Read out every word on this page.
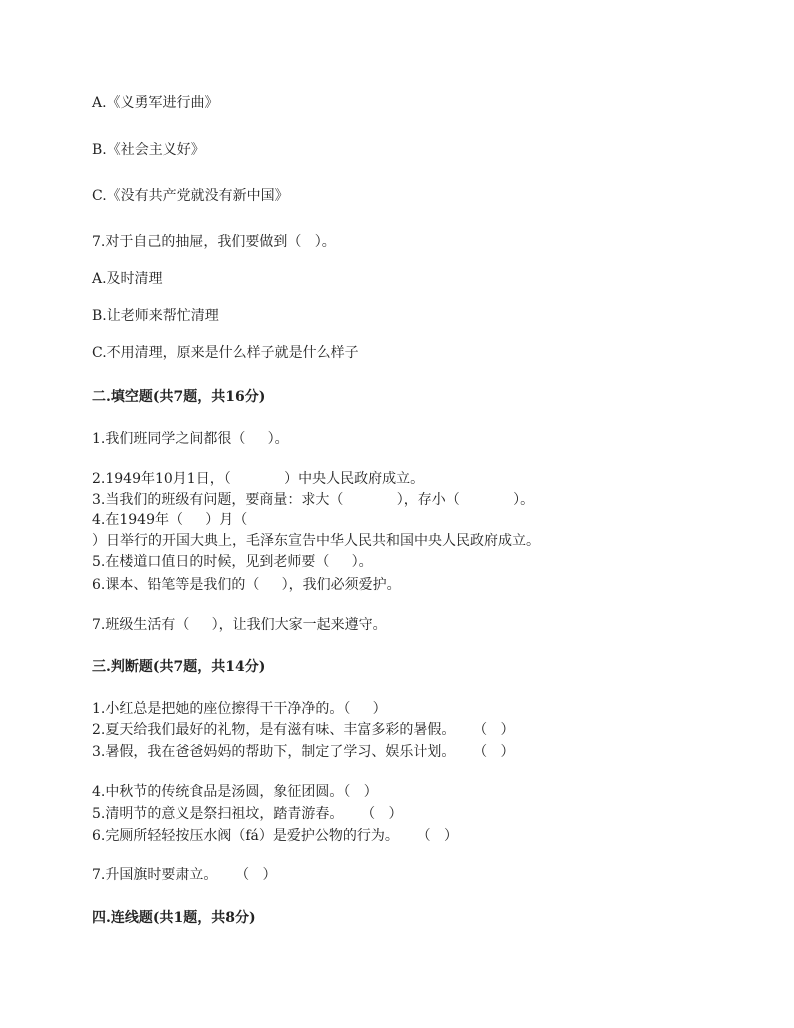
A.《义勇军进行曲》
B.《社会主义好》
C.《没有共产党就没有新中国》
7.对于自己的抽屉，我们要做到（   ）。
A.及时清理
B.让老师来帮忙清理
C.不用清理，原来是什么样子就是什么样子
二.填空题(共7题，共16分)
1.我们班同学之间都很（     ）。
2.1949年10月1日，（            ）中央人民政府成立。
3.当我们的班级有问题，要商量：求大（            ），存小（            ）。
4.在1949年（     ）月（
）日举行的开国大典上，毛泽东宣告中华人民共和国中央人民政府成立。
5.在楼道口值日的时候，见到老师要（     ）。
6.课本、铅笔等是我们的（     ），我们必须爱护。
7.班级生活有（     ），让我们大家一起来遵守。
三.判断题(共7题，共14分)
1.小红总是把她的座位擦得干干净净的。（     ）
2.夏天给我们最好的礼物，是有滋有味、丰富多彩的暑假。    （   ）
3.暑假，我在爸爸妈妈的帮助下，制定了学习、娱乐计划。    （   ）
4.中秋节的传统食品是汤圆，象征团圆。（   ）
5.清明节的意义是祭扫祖坟，踏青游春。    （   ）
6.完厕所轻轻按压水阀（fá）是爱护公物的行为。    （   ）
7.升国旗时要肃立。    （   ）
四.连线题(共1题，共8分)
